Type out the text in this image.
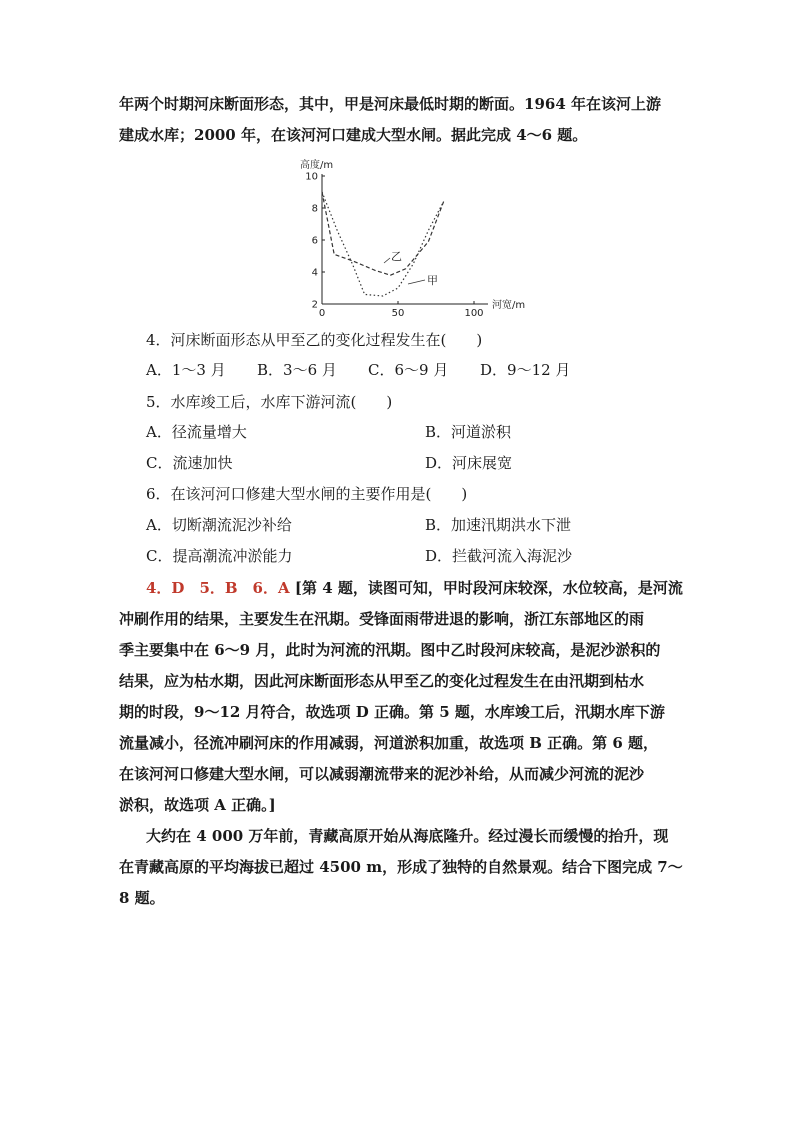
年两个时期河床断面形态，其中，甲是河床最低时期的断面。1964 年在该河上游
建成水库；2000 年，在该河河口建成大型水闸。据此完成 4～6 题。
高度/m
2
4
6
8
10
0	50	100
河宽/m
乙
甲
4．河床断面形态从甲至乙的变化过程发生在(　　)
A．1～3 月 B．3～6 月 C．6～9 月 D．9～12 月
5．水库竣工后，水库下游河流(　　)
A．径流量增大	B．河道淤积
C．流速加快	D．河床展宽
6．在该河河口修建大型水闸的主要作用是(　　)
A．切断潮流泥沙补给	B．加速汛期洪水下泄
C．提高潮流冲淤能力	D．拦截河流入海泥沙
4．D　5．B　6．A [第 4 题，读图可知，甲时段河床较深，水位较高，是河流
冲刷作用的结果，主要发生在汛期。受锋面雨带进退的影响，浙江东部地区的雨
季主要集中在 6～9 月，此时为河流的汛期。图中乙时段河床较高，是泥沙淤积的
结果，应为枯水期，因此河床断面形态从甲至乙的变化过程发生在由汛期到枯水
期的时段，9～12 月符合，故选项 D 正确。第 5 题，水库竣工后，汛期水库下游
流量减小，径流冲刷河床的作用减弱，河道淤积加重，故选项 B 正确。第 6 题，
在该河河口修建大型水闸，可以减弱潮流带来的泥沙补给，从而减少河流的泥沙
淤积，故选项 A 正确。]
大约在 4 000 万年前，青藏高原开始从海底隆升。经过漫长而缓慢的抬升，现
在青藏高原的平均海拔已超过 4500 m，形成了独特的自然景观。结合下图完成 7～
8 题。
